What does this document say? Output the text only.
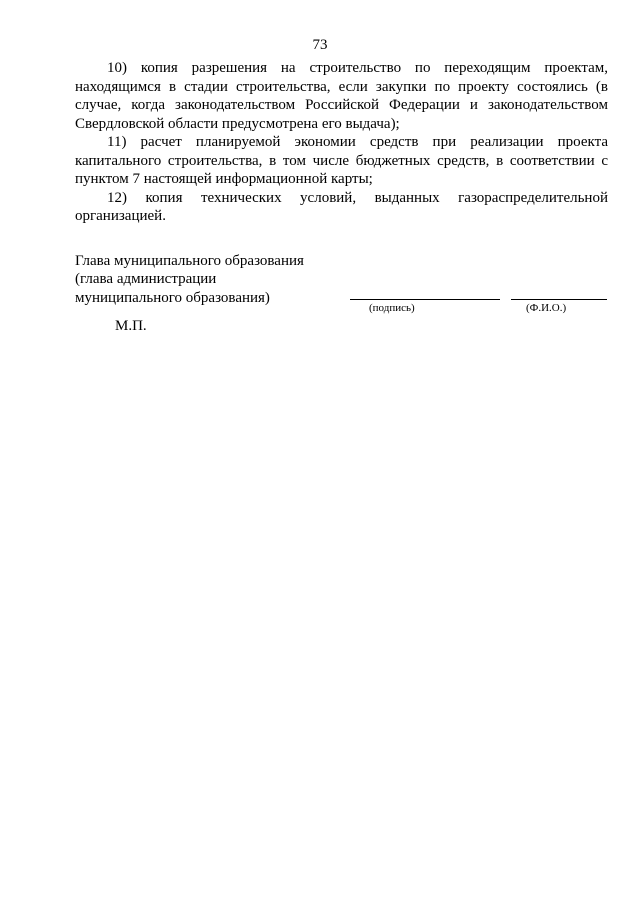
73

10) копия разрешения на строительство по переходящим проектам, находящимся в стадии строительства, если закупки по проекту состоялись (в случае, когда законодательством Российской Федерации и законодательством Свердловской области предусмотрена его выдача);

11) расчет планируемой экономии средств при реализации проекта капитального строительства, в том числе бюджетных средств, в соответствии с пунктом 7 настоящей информационной карты;

12) копия технических условий, выданных газораспределительной организацией.

Глава муниципального образования

(глава администрации

муниципального образования)

(подпись)	(Ф.И.О.)
М.П.
